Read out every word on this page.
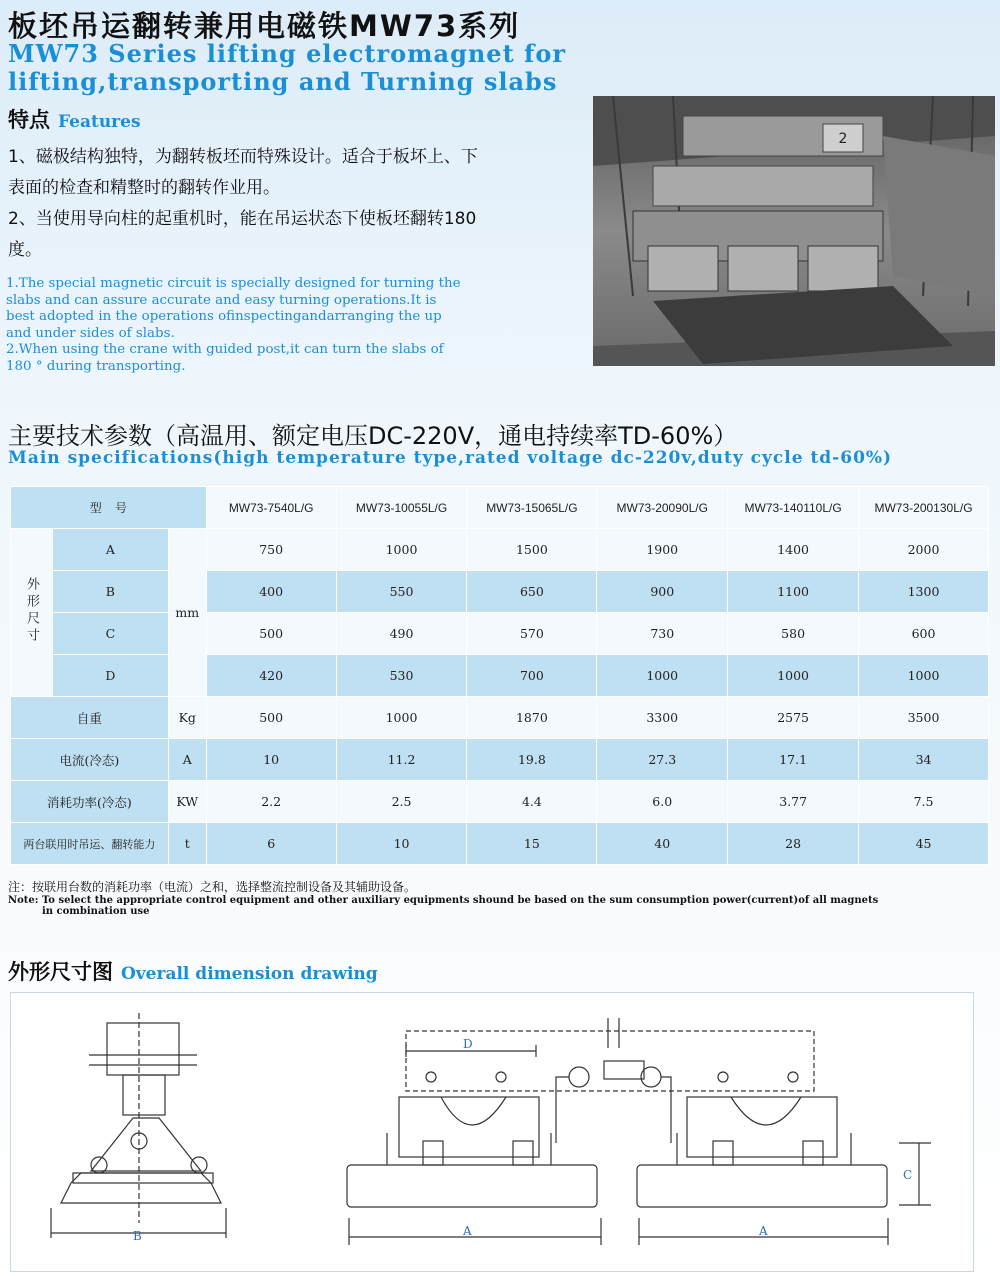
板坯吊运翻转兼用电磁铁MW73系列
MW73 Series lifting electromagnet for lifting,transporting and Turning slabs
特点 Features
1、磁极结构独特，为翻转板坯而特殊设计。适合于板坏上、下表面的检查和精整时的翻转作业用。
2、当使用导向柱的起重机时，能在吊运状态下使板坯翻转180度。
1.The special magnetic circuit is specially designed for turning the slabs and can assure accurate and easy turning operations.It is best adopted in the operations ofinspectingandarranging the up and under sides of slabs.
2.When using the crane with guided post,it can turn the slabs of 180 ° during transporting.
2
主要技术参数（高温用、额定电压DC-220V，通电持续率TD-60%）
Main specifications(high temperature type,rated voltage dc-220v,duty cycle td-60%)
型    号			MW73-7540L/G	MW73-10055L/G	MW73-15065L/G	MW73-20090L/G	MW73-140110L/G	MW73-200130L/G
外形尺寸	A	mm	750	1000	1500	1900	1400	2000
	B		400	550	650	900	1100	1300
	C		500	490	570	730	580	600
	D		420	530	700	1000	1000	1000
自重		Kg	500	1000	1870	3300	2575	3500
电流(冷态)		A	10	11.2	19.8	27.3	17.1	34
消耗功率(冷态)		KW	2.2	2.5	4.4	6.0	3.77	7.5
两台联用时吊运、翻转能力		t	6	10	15	40	28	45
注：按联用台数的消耗功率（电流）之和，选择整流控制设备及其辅助设备。
Note: To select the appropriate control equipment and other auxiliary equipments shound be based on the sum consumption power(current)of all magnets
in combination use
外形尺寸图 Overall dimension drawing
B
D
A	A
C
